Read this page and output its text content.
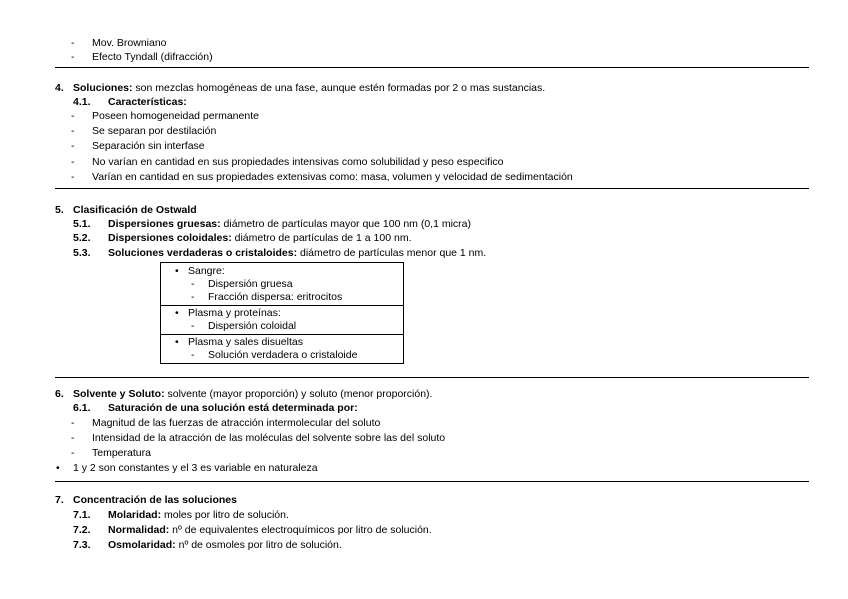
- Mov. Browniano
- Efecto Tyndall (difracción)
4. Soluciones: son mezclas homogéneas de una fase, aunque estén formadas por 2 o mas sustancias.
4.1. Características:
- Poseen homogeneidad permanente
- Se separan por destilación
- Separación sin interfase
- No varían en cantidad en sus propiedades intensivas como solubilidad y peso especifico
- Varían en cantidad en sus propiedades extensivas como: masa, volumen y velocidad de sedimentación
5. Clasificación de Ostwald
5.1. Dispersiones gruesas: diámetro de partículas mayor que 100 nm (0,1 micra)
5.2. Dispersiones coloidales: diámetro de partículas de 1 a 100 nm.
5.3. Soluciones verdaderas o cristaloides: diámetro de partículas menor que 1 nm.
• Sangre:
- Dispersión gruesa
- Fracción dispersa: eritrocitos
• Plasma y proteínas:
- Dispersión coloidal
• Plasma y sales disueltas
- Solución verdadera o cristaloide
6. Solvente y Soluto: solvente (mayor proporción) y soluto (menor proporción).
6.1. Saturación de una solución está determinada por:
- Magnitud de las fuerzas de atracción intermolecular del soluto
- Intensidad de la atracción de las moléculas del solvente sobre las del soluto
- Temperatura
• 1 y 2 son constantes y el 3 es variable en naturaleza
7. Concentración de las soluciones
7.1. Molaridad: moles por litro de solución.
7.2. Normalidad: nº de equivalentes electroquímicos por litro de solución.
7.3. Osmolaridad: nº de osmoles por litro de solución.
